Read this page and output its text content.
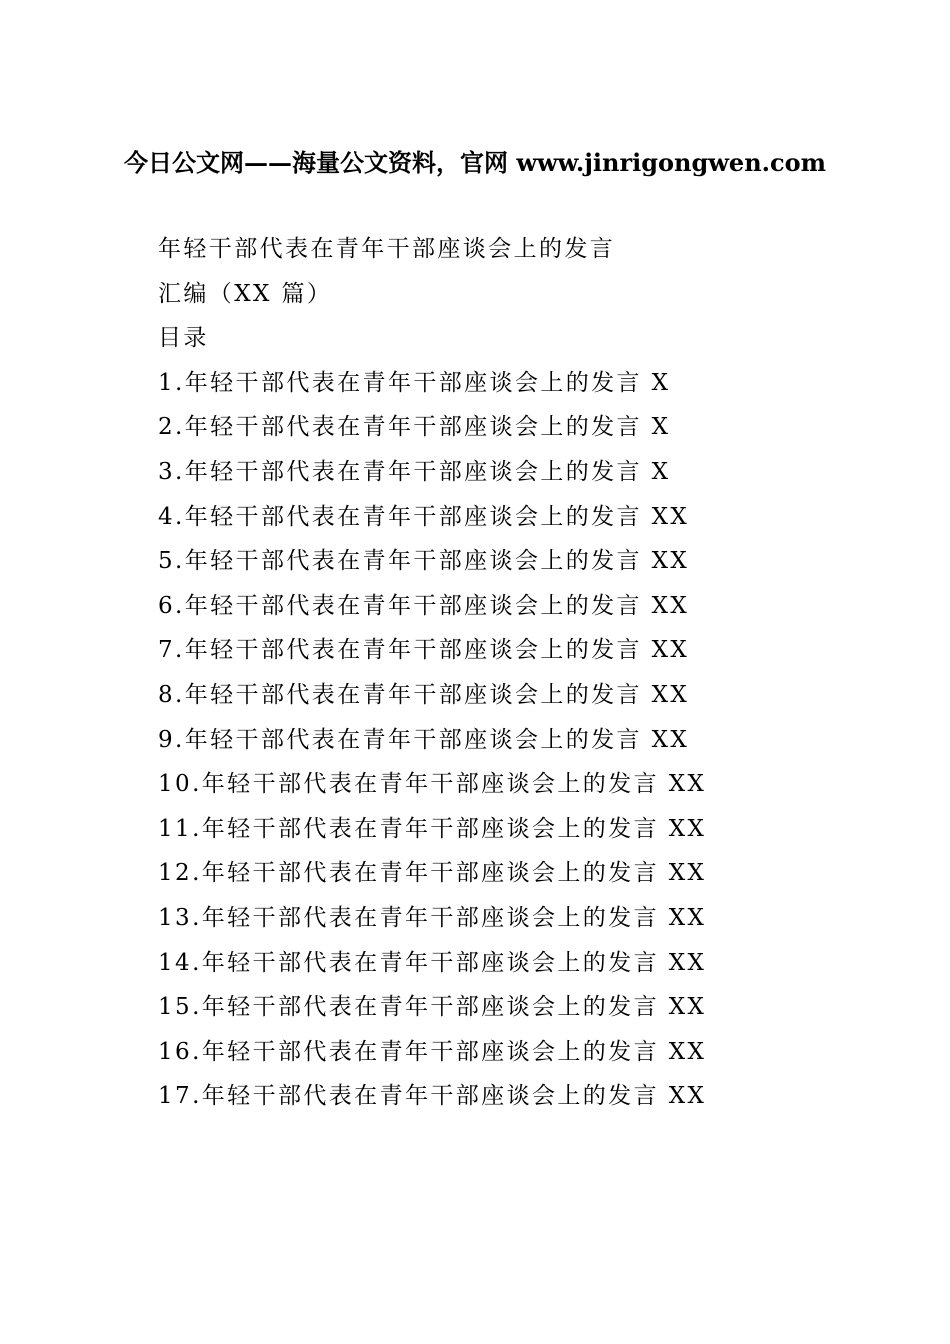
今日公文网——海量公文资料，官网 www.jinrigongwen.com
年轻干部代表在青年干部座谈会上的发言
汇编（XX 篇）
目录
1.年轻干部代表在青年干部座谈会上的发言 X
2.年轻干部代表在青年干部座谈会上的发言 X
3.年轻干部代表在青年干部座谈会上的发言 X
4.年轻干部代表在青年干部座谈会上的发言 XX
5.年轻干部代表在青年干部座谈会上的发言 XX
6.年轻干部代表在青年干部座谈会上的发言 XX
7.年轻干部代表在青年干部座谈会上的发言 XX
8.年轻干部代表在青年干部座谈会上的发言 XX
9.年轻干部代表在青年干部座谈会上的发言 XX
10.年轻干部代表在青年干部座谈会上的发言 XX
11.年轻干部代表在青年干部座谈会上的发言 XX
12.年轻干部代表在青年干部座谈会上的发言 XX
13.年轻干部代表在青年干部座谈会上的发言 XX
14.年轻干部代表在青年干部座谈会上的发言 XX
15.年轻干部代表在青年干部座谈会上的发言 XX
16.年轻干部代表在青年干部座谈会上的发言 XX
17.年轻干部代表在青年干部座谈会上的发言 XX
